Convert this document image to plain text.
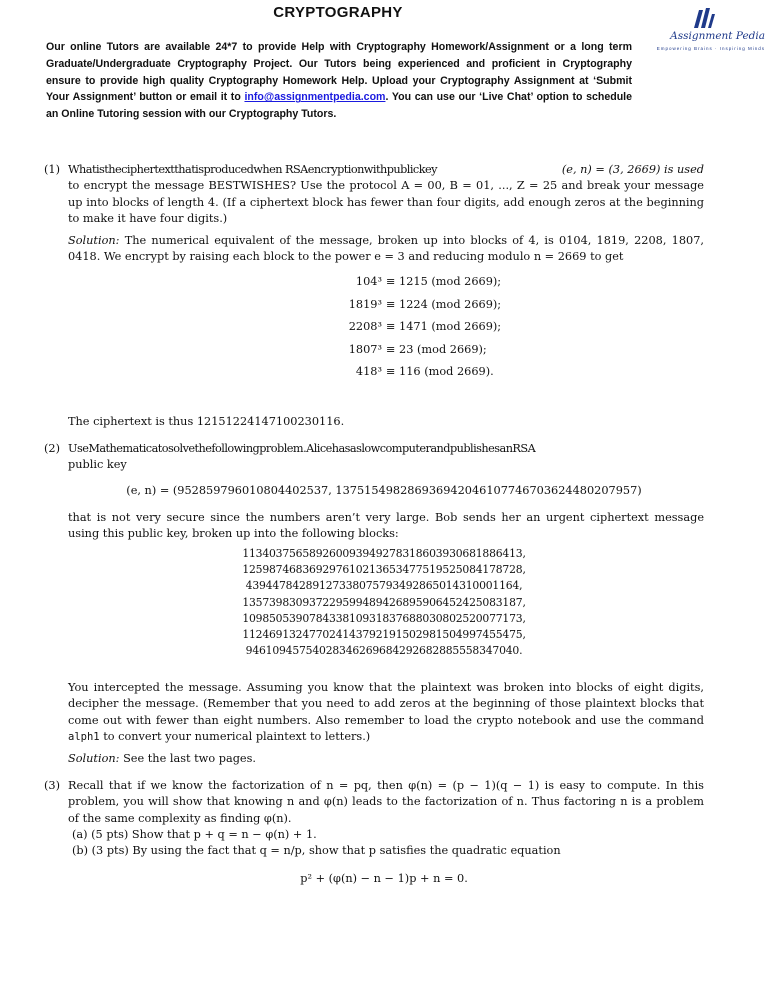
CRYPTOGRAPHY
Assignment Pedia
Empowering Brains · Inspiring Minds
Our online Tutors are available 24*7 to provide Help with Cryptography Homework/Assignment or a long term Graduate/Undergraduate Cryptography Project. Our Tutors being experienced and proficient in Cryptography ensure to provide high quality Cryptography Homework Help. Upload your Cryptography Assignment at ‘Submit Your Assignment’ button or email it to info@assignmentpedia.com. You can use our ‘Live Chat’ option to schedule an Online Tutoring session with our Cryptography Tutors.
(1) Whatistheciphertextthatisproducedwhen RSAencryptionwithpublickey	(e, n) = (3, 2669) is used

to encrypt the message BESTWISHES? Use the protocol A = 00, B = 01, ..., Z = 25 and break your message up into blocks of length 4. (If a ciphertext block has fewer than four digits, add enough zeros at the beginning to make it have four digits.)

Solution: The numerical equivalent of the message, broken up into blocks of 4, is 0104, 1819, 2208, 1807, 0418. We encrypt by raising each block to the power e = 3 and reducing modulo n = 2669 to get

104³ ≡ 1215 (mod 2669);
1819³ ≡ 1224 (mod 2669);
2208³ ≡ 1471 (mod 2669);
1807³ ≡ 23 (mod 2669);
418³ ≡ 116 (mod 2669).

The ciphertext is thus 12151224147100230116.

(2) UseMathematicatosolvethefollowingproblem.AlicehasaslowcomputerandpublishesanRSA

public key

(e, n) = (952859796010804402537, 137515498286936942046107746703624480207957)

that is not very secure since the numbers aren’t very large. Bob sends her an urgent ciphertext message using this public key, broken up into the following blocks:

113403756589260093949278318603930681886413,
125987468369297610213653477519525084178728,
43944784289127338075793492865014310001164,
135739830937229599489426895906452425083187,
109850539078433810931837688030802520077173,
112469132477024143792191502981504997455475,
94610945754028346269684292682885558347040.

You intercepted the message. Assuming you know that the plaintext was broken into blocks of eight digits, decipher the message. (Remember that you need to add zeros at the beginning of those plaintext blocks that come out with fewer than eight numbers. Also remember to load the crypto notebook and use the command alph1 to convert your numerical plaintext to letters.)

Solution: See the last two pages.

(3) Recall that if we know the factorization of n = pq, then φ(n) = (p − 1)(q − 1) is easy to compute. In this problem, you will show that knowing n and φ(n) leads to the factorization of n. Thus factoring n is a problem of the same complexity as finding φ(n).

(a) (5 pts) Show that p + q = n − φ(n) + 1.
(b) (3 pts) By using the fact that q = n/p, show that p satisfies the quadratic equation
p² + (φ(n) − n − 1)p + n = 0.
